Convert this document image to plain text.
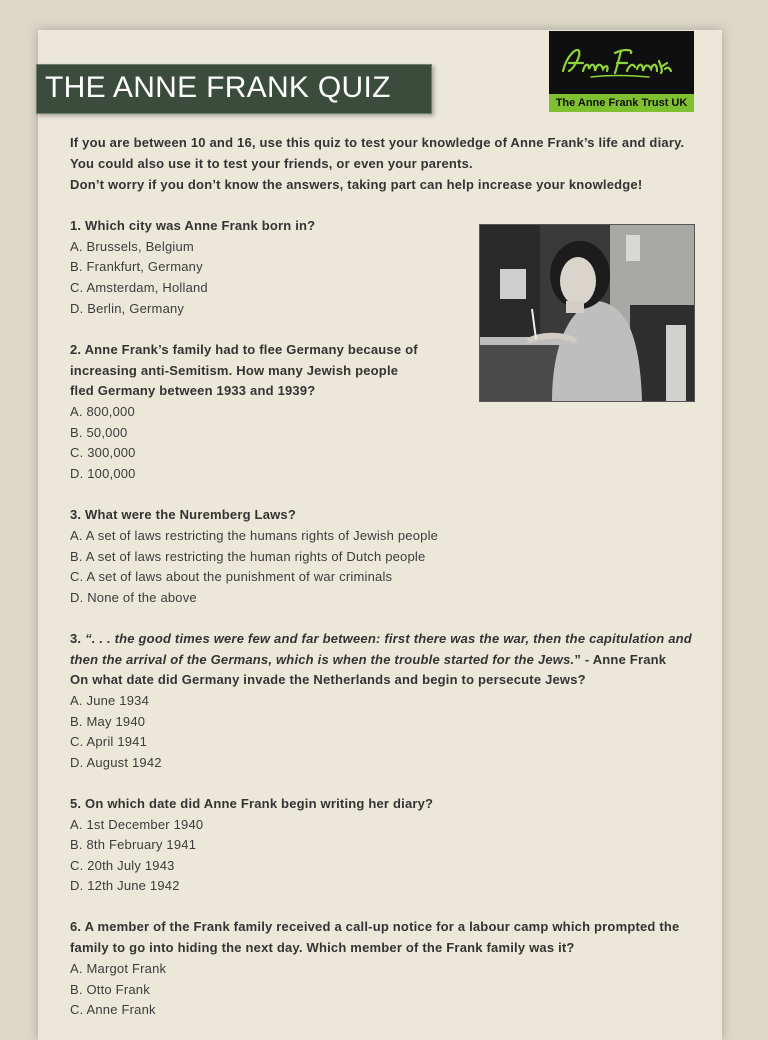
THE ANNE FRANK QUIZ	The Anne Frank Trust UK
If you are between 10 and 16, use this quiz to test your knowledge of Anne Frank’s life and diary.
You could also use it to test your friends, or even your parents.
Don’t worry if you don’t know the answers, taking part can help increase your knowledge!
1. Which city was Anne Frank born in?
A. Brussels, Belgium
B. Frankfurt, Germany
C. Amsterdam, Holland
D. Berlin, Germany
2. Anne Frank’s family had to flee Germany because of
increasing anti-Semitism. How many Jewish people
fled Germany between 1933 and 1939?
A. 800,000
B. 50,000
C. 300,000
D. 100,000
3. What were the Nuremberg Laws?
A. A set of laws restricting the humans rights of Jewish people
B. A set of laws restricting the human rights of Dutch people
C. A set of laws about the punishment of war criminals
D. None of the above
3. “. . . the good times were few and far between: first there was the war, then the capitulation and
then the arrival of the Germans, which is when the trouble started for the Jews.” - Anne Frank
On what date did Germany invade the Netherlands and begin to persecute Jews?
A. June 1934
B. May 1940
C. April 1941
D. August 1942
5. On which date did Anne Frank begin writing her diary?
A. 1st December 1940
B. 8th February 1941
C. 20th July 1943
D. 12th June 1942
6. A member of the Frank family received a call-up notice for a labour camp which prompted the
family to go into hiding the next day. Which member of the Frank family was it?
A. Margot Frank
B. Otto Frank
C. Anne Frank
